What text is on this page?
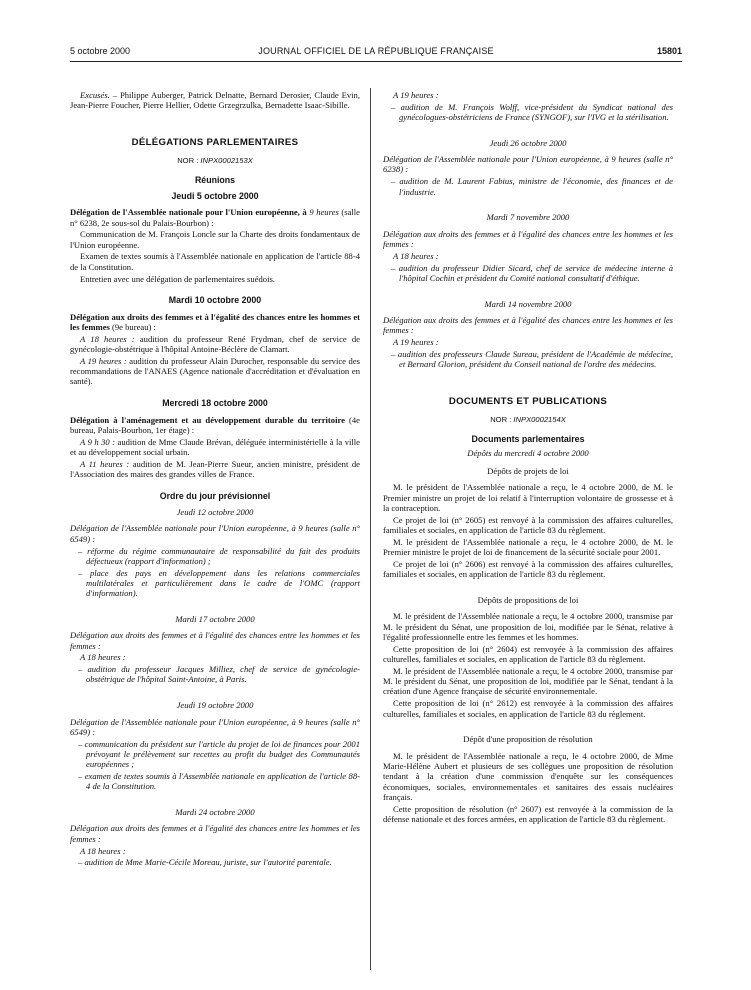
5 octobre 2000	JOURNAL OFFICIEL DE LA RÉPUBLIQUE FRANÇAISE	15801

Excusés. – Philippe Auberger, Patrick Delnatte, Bernard Derosier, Claude Evin, Jean-Pierre Foucher, Pierre Hellier, Odette Grzegrzulka, Bernadette Isaac-Sibille.

DÉLÉGATIONS PARLEMENTAIRES
NOR : INPX0002153X
Réunions
Jeudi 5 octobre 2000

Délégation de l'Assemblée nationale pour l'Union européenne, à 9 heures (salle n° 6238, 2e sous-sol du Palais-Bourbon) :

Communication de M. François Loncle sur la Charte des droits fondamentaux de l'Union européenne.

Examen de textes soumis à l'Assemblée nationale en application de l'article 88-4 de la Constitution.

Entretien avec une délégation de parlementaires suédois.

Mardi 10 octobre 2000

Délégation aux droits des femmes et à l'égalité des chances entre les hommes et les femmes (9e bureau) :

A 18 heures : audition du professeur René Frydman, chef de service de gynécologie-obstétrique à l'hôpital Antoine-Béclère de Clamart.

A 19 heures : audition du professeur Alain Durocher, responsable du service des recommandations de l'ANAES (Agence nationale d'accréditation et d'évaluation en santé).

Mercredi 18 octobre 2000

Délégation à l'aménagement et au développement durable du territoire (4e bureau, Palais-Bourbon, 1er étage) :

A 9 h 30 : audition de Mme Claude Brévan, déléguée interministérielle à la ville et au développement social urbain.

A 11 heures : audition de M. Jean-Pierre Sueur, ancien ministre, président de l'Association des maires des grandes villes de France.

Ordre du jour prévisionnel
Jeudi 12 octobre 2000

Délégation de l'Assemblée nationale pour l'Union européenne, à 9 heures (salle n° 6549) :

– réforme du régime communautaire de responsabilité du fait des produits défectueux (rapport d'information) ;

– place des pays en développement dans les relations commerciales multilatérales et particulièrement dans le cadre de l'OMC (rapport d'information).

Mardi 17 octobre 2000

Délégation aux droits des femmes et à l'égalité des chances entre les hommes et les femmes :

A 18 heures :

– audition du professeur Jacques Milliez, chef de service de gynécologie-obstétrique de l'hôpital Saint-Antoine, à Paris.

Jeudi 19 octobre 2000

Délégation de l'Assemblée nationale pour l'Union européenne, à 9 heures (salle n° 6549) :

– communication du président sur l'article du projet de loi de finances pour 2001 prévoyant le prélèvement sur recettes au profit du budget des Communautés européennes ;

– examen de textes soumis à l'Assemblée nationale en application de l'article 88-4 de la Constitution.

Mardi 24 octobre 2000

Délégation aux droits des femmes et à l'égalité des chances entre les hommes et les femmes :

A 18 heures :

– audition de Mme Marie-Cécile Moreau, juriste, sur l'autorité parentale.

A 19 heures :

– audition de M. François Wolff, vice-président du Syndicat national des gynécologues-obstétriciens de France (SYNGOF), sur l'IVG et la stérilisation.

Jeudi 26 octobre 2000

Délégation de l'Assemblée nationale pour l'Union européenne, à 9 heures (salle n° 6238) :

– audition de M. Laurent Fabius, ministre de l'économie, des finances et de l'industrie.

Mardi 7 novembre 2000

Délégation aux droits des femmes et à l'égalité des chances entre les hommes et les femmes :

A 18 heures :

– audition du professeur Didier Sicard, chef de service de médecine interne à l'hôpital Cochin et président du Comité national consultatif d'éthique.

Mardi 14 novembre 2000

Délégation aux droits des femmes et à l'égalité des chances entre les hommes et les femmes :

A 19 heures :

– audition des professeurs Claude Sureau, président de l'Académie de médecine, et Bernard Glorion, président du Conseil national de l'ordre des médecins.

DOCUMENTS ET PUBLICATIONS
NOR : INPX0002154X
Documents parlementaires
Dépôts du mercredi 4 octobre 2000
Dépôts de projets de loi

M. le président de l'Assemblée nationale a reçu, le 4 octobre 2000, de M. le Premier ministre un projet de loi relatif à l'interruption volontaire de grossesse et à la contraception.

Ce projet de loi (n° 2605) est renvoyé à la commission des affaires culturelles, familiales et sociales, en application de l'article 83 du règlement.

M. le président de l'Assemblée nationale a reçu, le 4 octobre 2000, de M. le Premier ministre le projet de loi de financement de la sécurité sociale pour 2001.

Ce projet de loi (n° 2606) est renvoyé à la commission des affaires culturelles, familiales et sociales, en application de l'article 83 du règlement.

Dépôts de propositions de loi

M. le président de l'Assemblée nationale a reçu, le 4 octobre 2000, transmise par M. le président du Sénat, une proposition de loi, modifiée par le Sénat, relative à l'égalité professionnelle entre les femmes et les hommes.

Cette proposition de loi (n° 2604) est renvoyée à la commission des affaires culturelles, familiales et sociales, en application de l'article 83 du règlement.

M. le président de l'Assemblée nationale a reçu, le 4 octobre 2000, transmise par M. le président du Sénat, une proposition de loi, modifiée par le Sénat, tendant à la création d'une Agence française de sécurité environnementale.

Cette proposition de loi (n° 2612) est renvoyée à la commission des affaires culturelles, familiales et sociales, en application de l'article 83 du règlement.

Dépôt d'une proposition de résolution

M. le président de l'Assemblée nationale a reçu, le 4 octobre 2000, de Mme Marie-Hélène Aubert et plusieurs de ses collègues une proposition de résolution tendant à la création d'une commission d'enquête sur les conséquences économiques, sociales, environnementales et sanitaires des essais nucléaires français.

Cette proposition de résolution (n° 2607) est renvoyée à la commission de la défense nationale et des forces armées, en application de l'article 83 du règlement.
